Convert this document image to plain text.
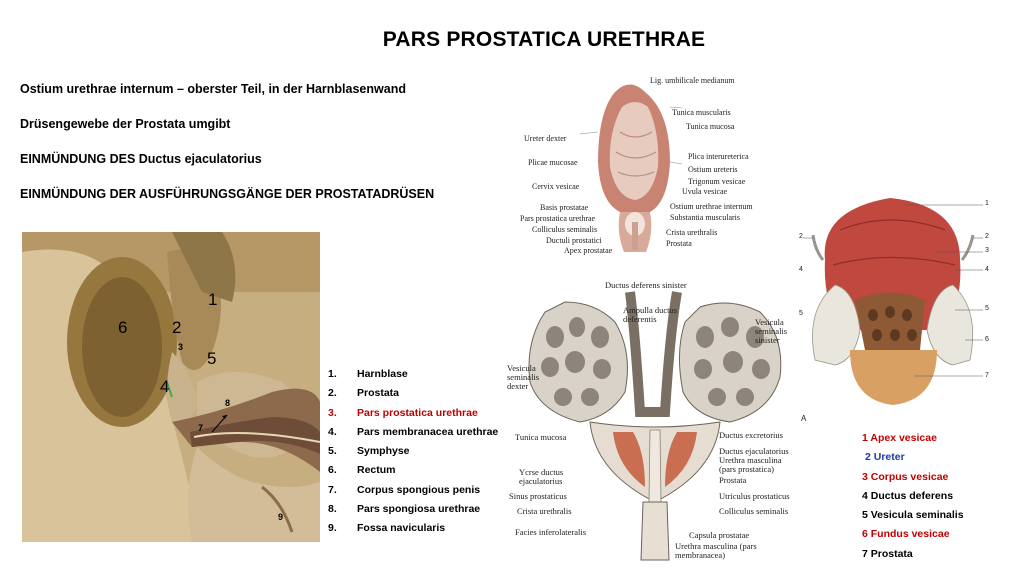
PARS PROSTATICA URETHRAE

Ostium urethrae internum – oberster Teil, in der Harnblasenwand

Drüsengewebe der Prostata umgibt

EINMÜNDUNG DES Ductus ejaculatorius

EINMÜNDUNG DER AUSFÜHRUNGSGÄNGE DER PROSTATADRÜSEN

1
2
3
4
5
6
7
8
9
1. Harnblase
2. Prostata
3. Pars prostatica urethrae
4. Pars membranacea urethrae
5. Symphyse
6. Rectum
7. Corpus spongious penis
8. Pars spongiosa urethrae
9. Fossa navicularis
Lig. umbilicale medianum
Tunica muscularis
Tunica mucosa
Ureter dexter
Plicae mucosae
Plica interureterica
Ostium ureteris
Trigonum vesicae
Cervix vesicae
Uvula vesicae
Basis prostatae	Ostium urethrae internum
Pars prostatica urethrae	Substantia muscularis
Colliculus seminalis	Crista urethralis
Ductuli prostatici	Prostata
Apex prostatae
Ductus deferens sinister
Ampulla ductus deferentis	Vesicula seminalis sinister
Vesicula seminalis dexter
Tunica mucosa	Ductus excretorius
Ductus ejaculatorius
Urethra masculina (pars prostatica)
Ycrse ductus ejaculatorius	Prostata
Sinus prostaticus	Utriculus prostaticus
Crista urethralis	Colliculus seminalis
Facies inferolateralis	Capsula prostatae
Urethra masculina (pars membranacea)
1
2	2
3
4	4
5
5
6
7
A
1 Apex vesicae
2 Ureter
3 Corpus vesicae
4 Ductus deferens
5 Vesicula seminalis
6 Fundus vesicae
7 Prostata
